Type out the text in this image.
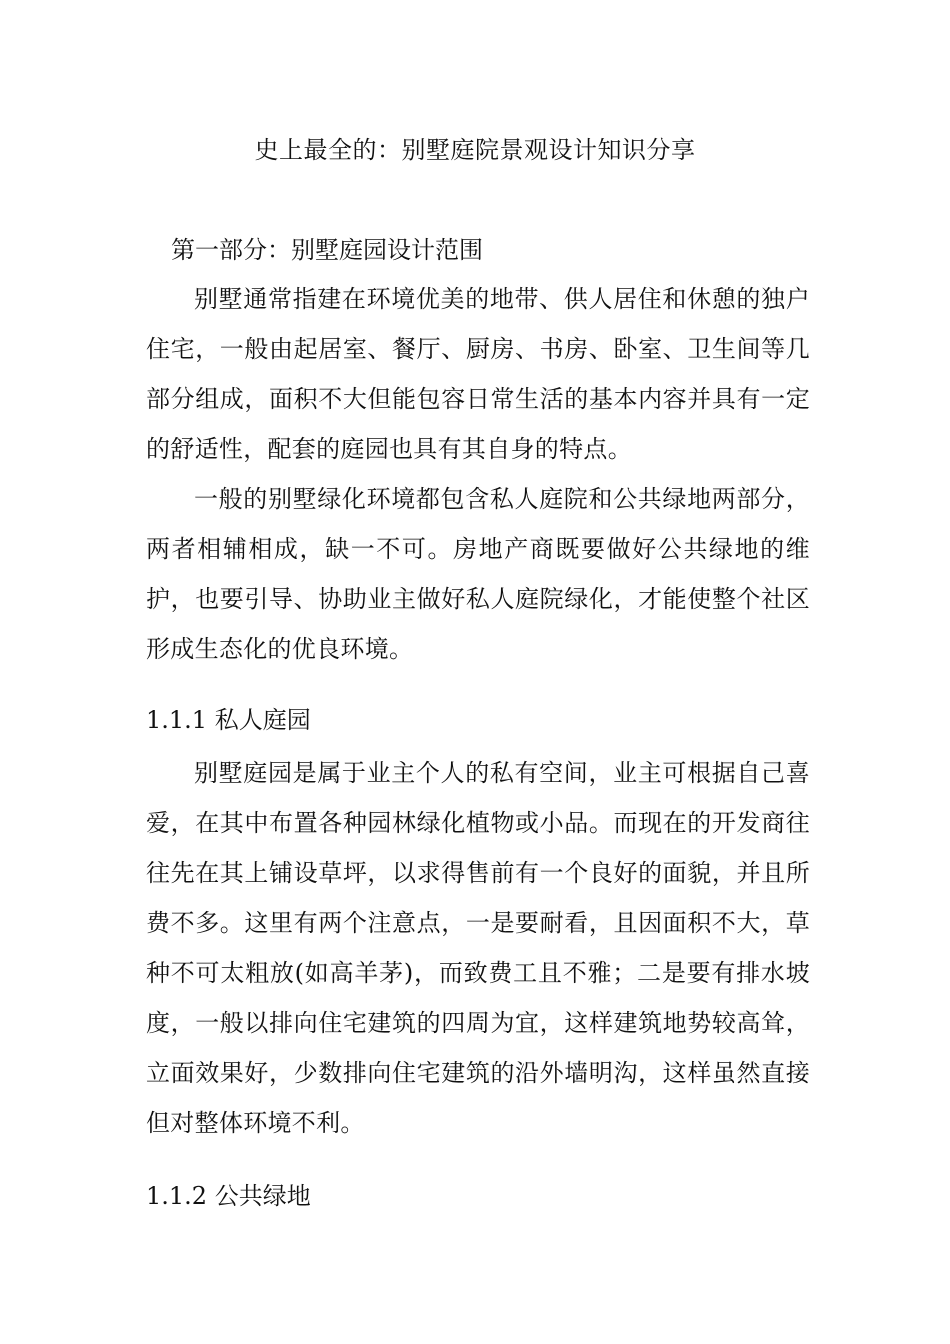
史上最全的：别墅庭院景观设计知识分享
第一部分：别墅庭园设计范围

别墅通常指建在环境优美的地带、供人居住和休憩的独户住宅，一般由起居室、餐厅、厨房、书房、卧室、卫生间等几部分组成，面积不大但能包容日常生活的基本内容并具有一定的舒适性，配套的庭园也具有其自身的特点。

一般的别墅绿化环境都包含私人庭院和公共绿地两部分，两者相辅相成，缺一不可。房地产商既要做好公共绿地的维护，也要引导、协助业主做好私人庭院绿化，才能使整个社区形成生态化的优良环境。

1.1.1 私人庭园

别墅庭园是属于业主个人的私有空间，业主可根据自己喜爱，在其中布置各种园林绿化植物或小品。而现在的开发商往往先在其上铺设草坪，以求得售前有一个良好的面貌，并且所费不多。这里有两个注意点，一是要耐看，且因面积不大，草种不可太粗放(如高羊茅)，而致费工且不雅；二是要有排水坡度，一般以排向住宅建筑的四周为宜，这样建筑地势较高耸，立面效果好，少数排向住宅建筑的沿外墙明沟，这样虽然直接但对整体环境不利。

1.1.2 公共绿地
